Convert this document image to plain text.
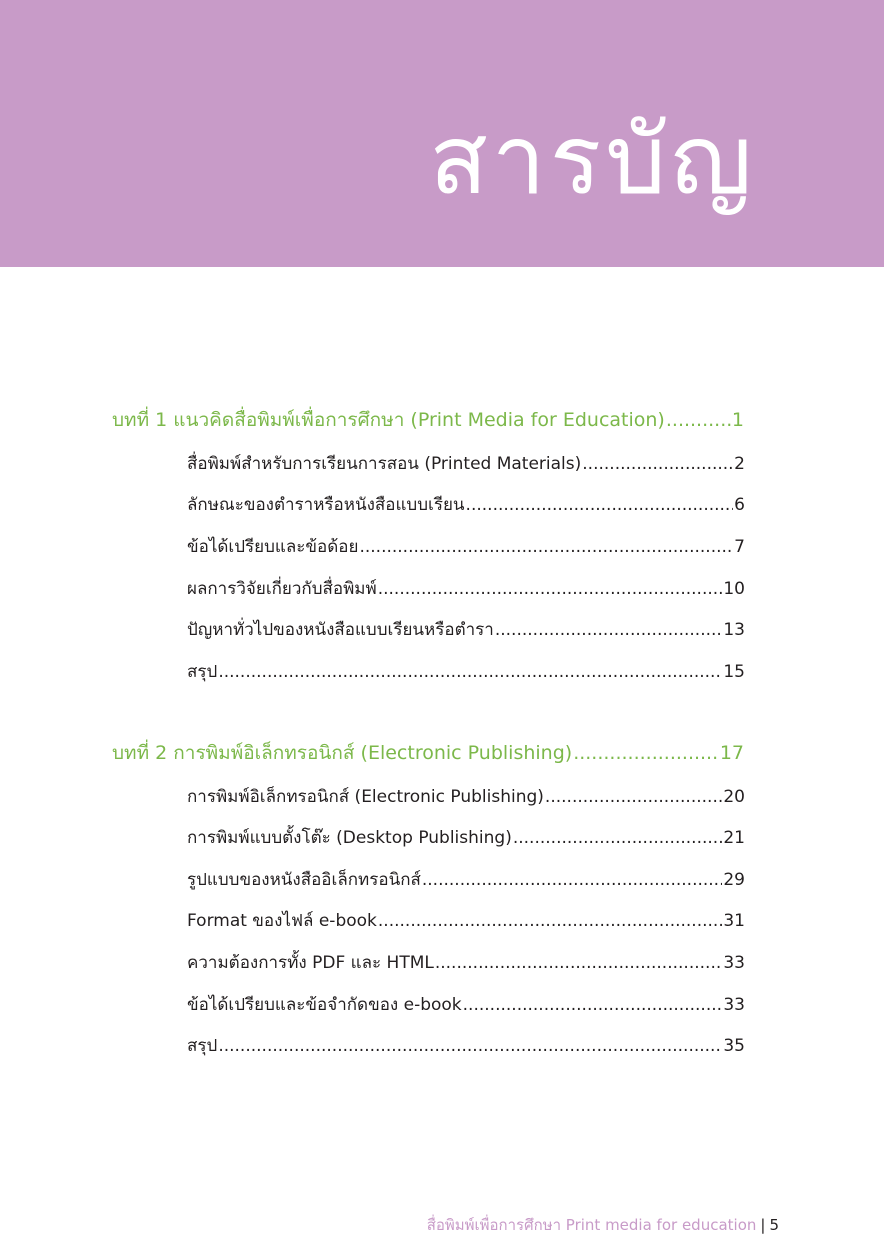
สารบัญ
บทที่ 1 แนวคิดสื่อพิมพ์เพื่อการศึกษา (Print Media for Education) .....	1
สื่อพิมพ์สำหรับการเรียนการสอน (Printed Materials) .....	2
ลักษณะของตำราหรือหนังสือแบบเรียน .....	6
ข้อได้เปรียบและข้อด้อย .....	7
ผลการวิจัยเกี่ยวกับสื่อพิมพ์ .....	10
ปัญหาทั่วไปของหนังสือแบบเรียนหรือตำรา .....	13
สรุป .....	15
บทที่ 2 การพิมพ์อิเล็กทรอนิกส์ (Electronic Publishing) .....	17
การพิมพ์อิเล็กทรอนิกส์ (Electronic Publishing) .....	20
การพิมพ์แบบตั้งโต๊ะ (Desktop Publishing) .....	21
รูปแบบของหนังสืออิเล็กทรอนิกส์ .....	29
Format ของไฟล์ e-book .....	31
ความต้องการทั้ง PDF และ HTML .....	33
ข้อได้เปรียบและข้อจำกัดของ e-book .....	33
สรุป .....	35
สื่อพิมพ์เพื่อการศึกษา Print media for education | 5
